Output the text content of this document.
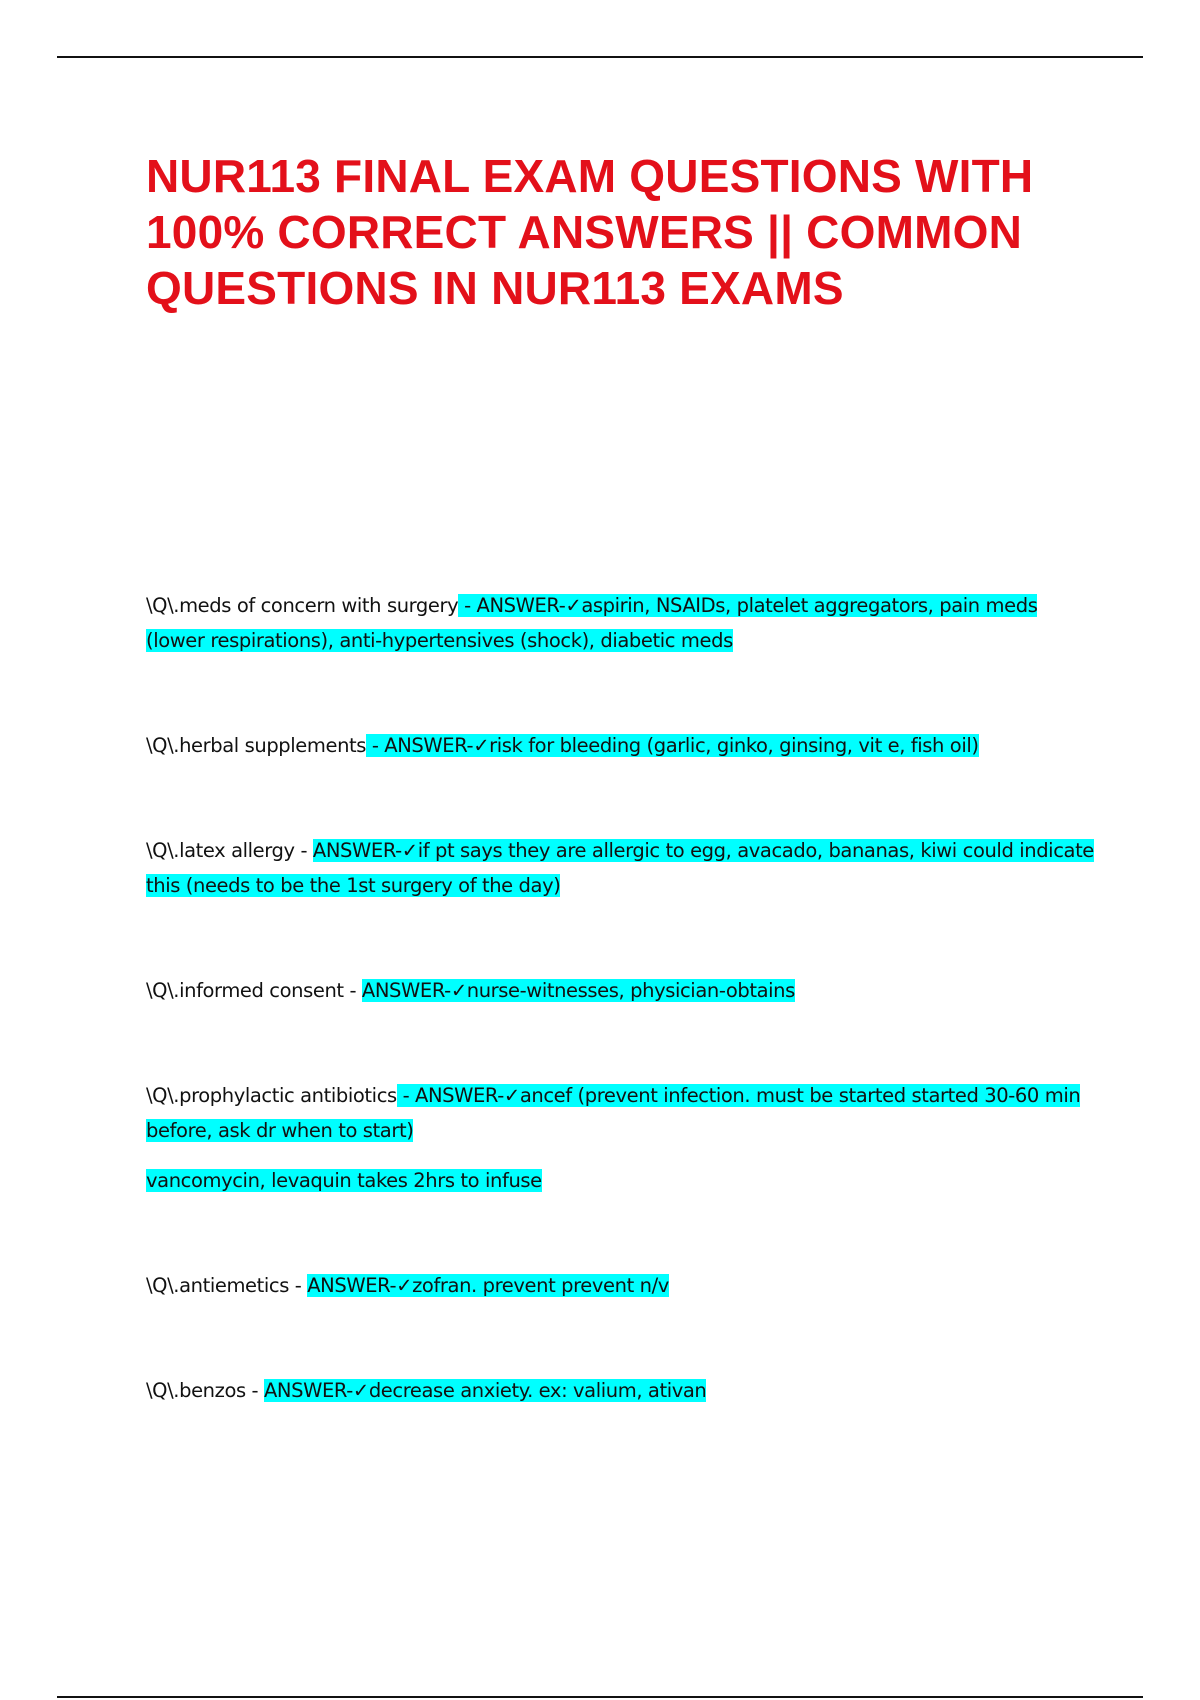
NUR113 FINAL EXAM QUESTIONS WITH 100% CORRECT ANSWERS || COMMON QUESTIONS IN NUR113 EXAMS

\Q\.meds of concern with surgery - ANSWER-✓aspirin, NSAIDs, platelet aggregators, pain meds (lower respirations), anti-hypertensives (shock), diabetic meds

\Q\.herbal supplements - ANSWER-✓risk for bleeding (garlic, ginko, ginsing, vit e, fish oil)

\Q\.latex allergy - ANSWER-✓if pt says they are allergic to egg, avacado, bananas, kiwi could indicate this (needs to be the 1st surgery of the day)

\Q\.informed consent - ANSWER-✓nurse-witnesses, physician-obtains

\Q\.prophylactic antibiotics - ANSWER-✓ancef (prevent infection. must be started started 30-60 min before, ask dr when to start)

vancomycin, levaquin takes 2hrs to infuse

\Q\.antiemetics - ANSWER-✓zofran. prevent prevent n/v

\Q\.benzos - ANSWER-✓decrease anxiety. ex: valium, ativan
